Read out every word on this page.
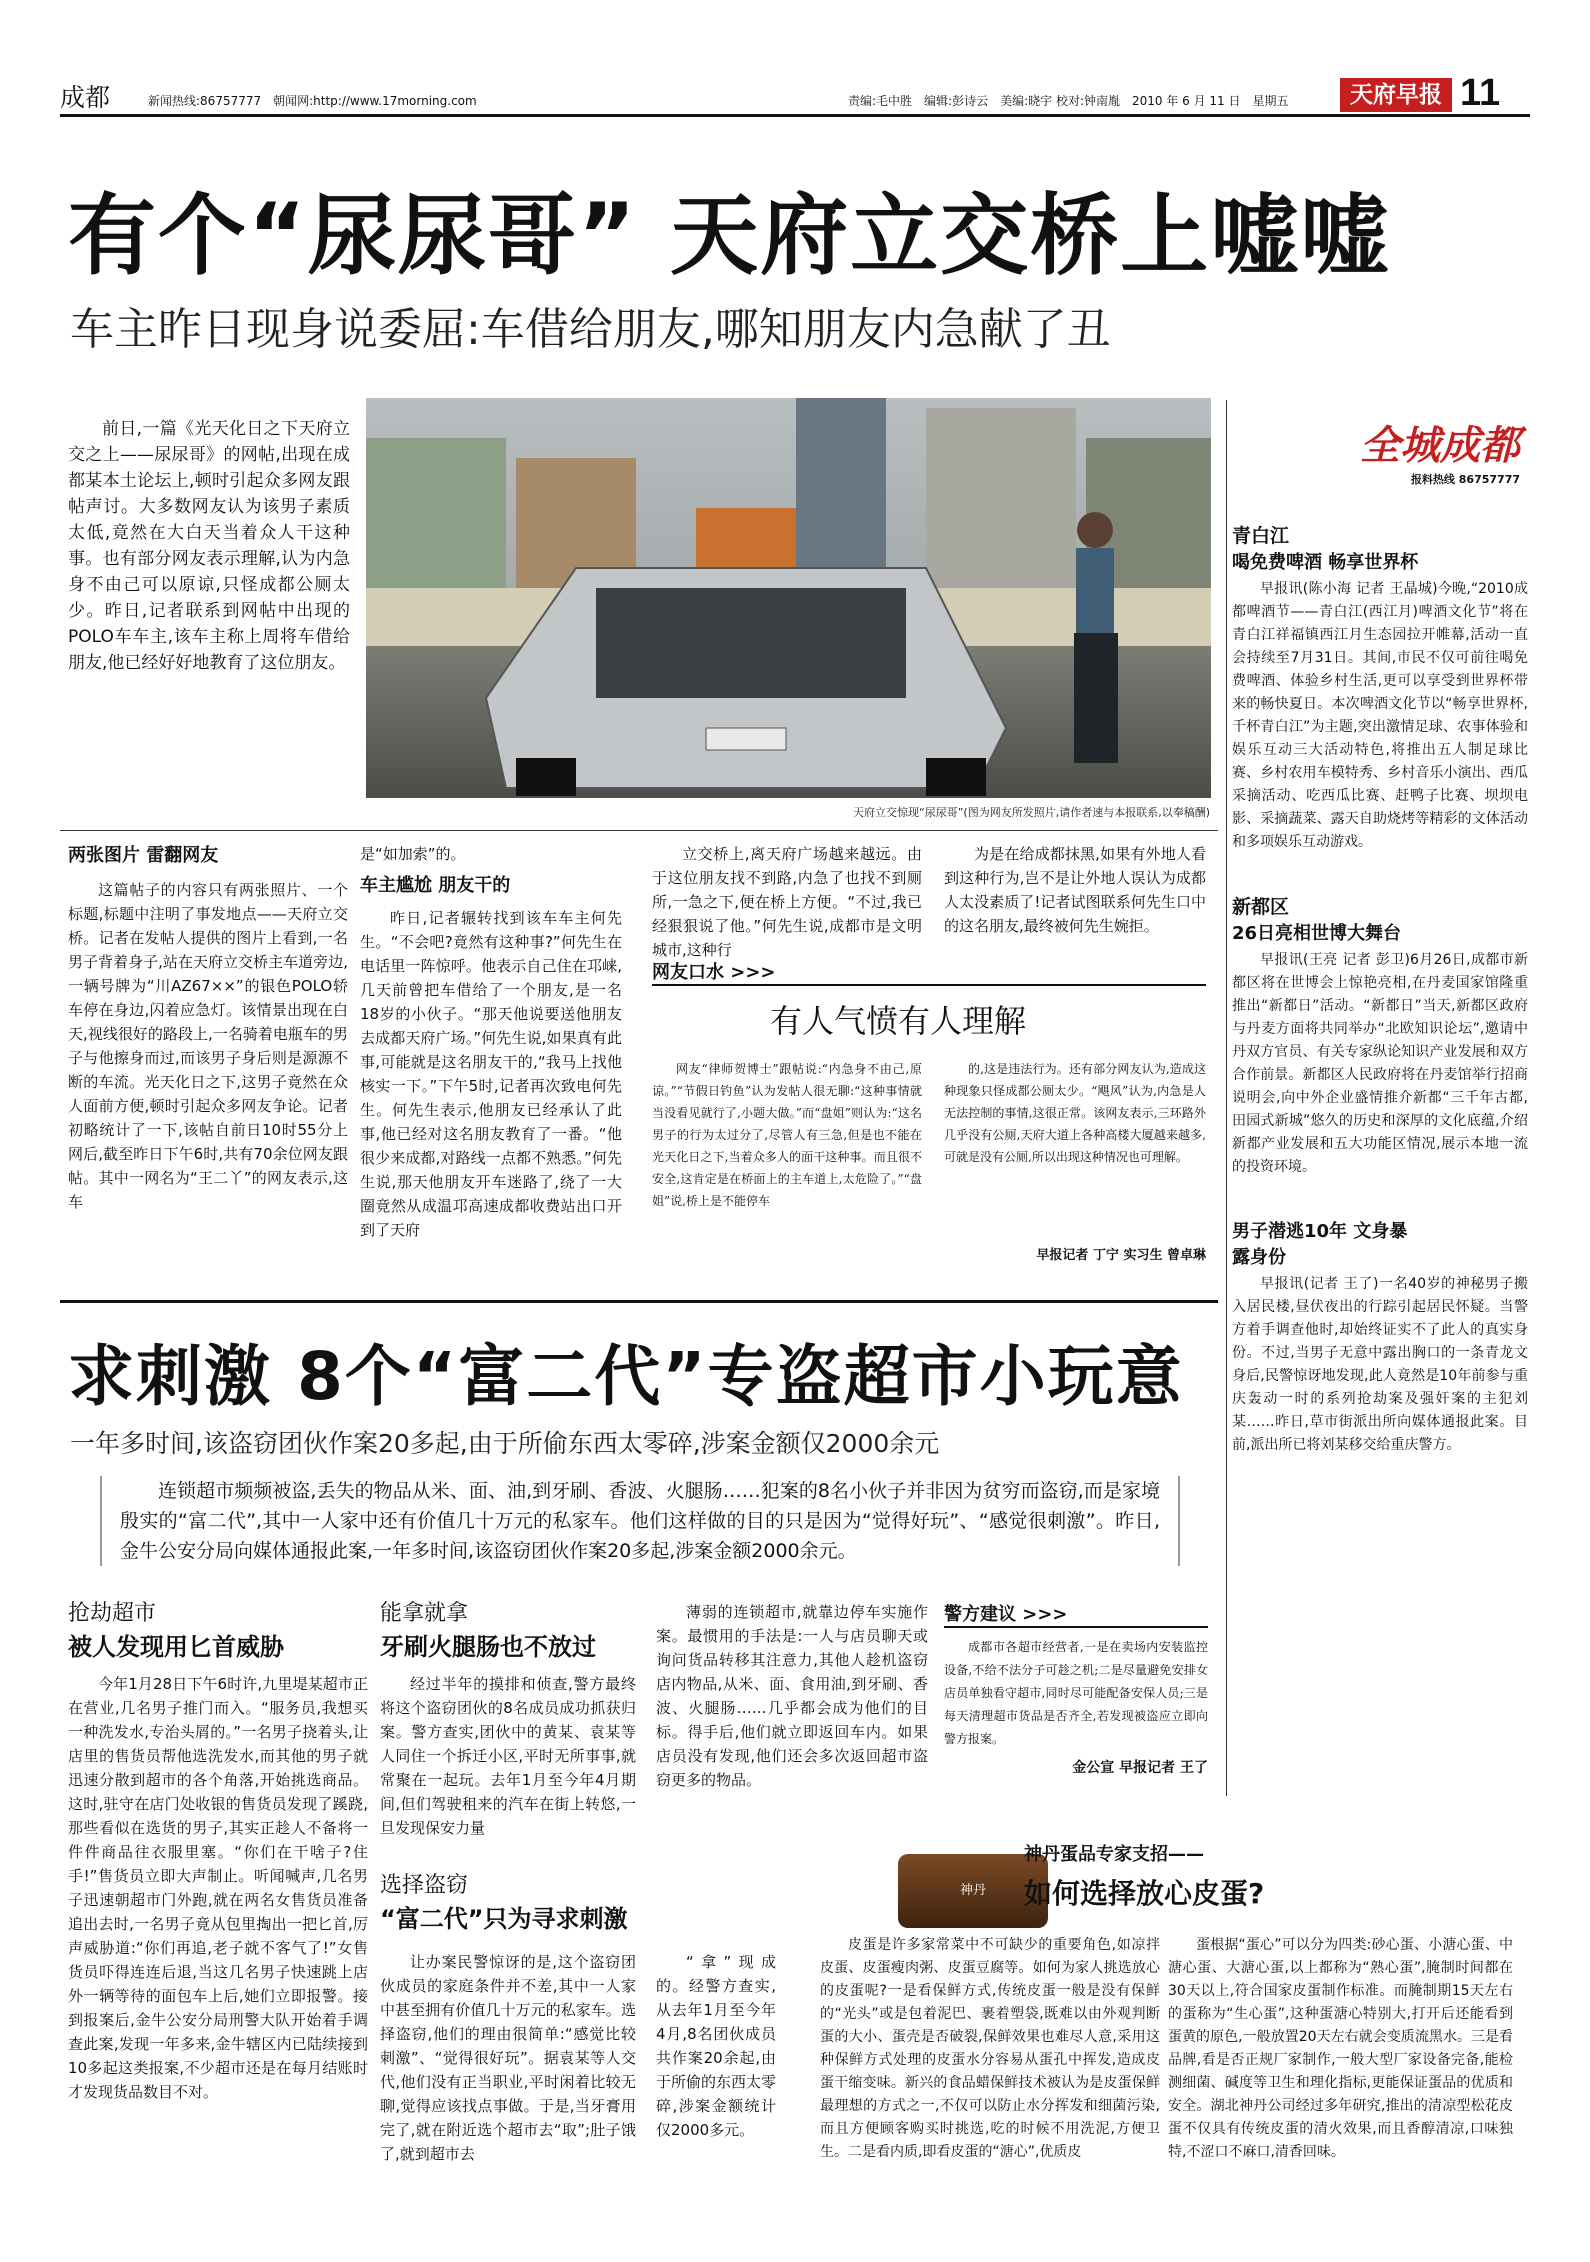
成都	新闻热线:86757777　朝闻网:http://www.17morning.com	责编:毛中胜　编辑:彭诗云　美编:晓宇 校对:钟南胤　2010 年 6 月 11 日　星期五	天府早报 11
有个“尿尿哥” 天府立交桥上嘘嘘
车主昨日现身说委屈:车借给朋友,哪知朋友内急献了丑

前日,一篇《光天化日之下天府立交之上——尿尿哥》的网帖,出现在成都某本土论坛上,顿时引起众多网友跟帖声讨。大多数网友认为该男子素质太低,竟然在大白天当着众人干这种事。也有部分网友表示理解,认为内急身不由己可以原谅,只怪成都公厕太少。昨日,记者联系到网帖中出现的POLO车车主,该车主称上周将车借给朋友,他已经好好地教育了这位朋友。

天府立交惊现“尿尿哥”(图为网友所发照片,请作者速与本报联系,以奉稿酬)
两张图片 雷翻网友

这篇帖子的内容只有两张照片、一个标题,标题中注明了事发地点——天府立交桥。记者在发帖人提供的图片上看到,一名男子背着身子,站在天府立交桥主车道旁边,一辆号牌为“川AZ67××”的银色POLO轿车停在身边,闪着应急灯。该情景出现在白天,视线很好的路段上,一名骑着电瓶车的男子与他擦身而过,而该男子身后则是源源不断的车流。光天化日之下,这男子竟然在众人面前方便,顿时引起众多网友争论。记者初略统计了一下,该帖自前日10时55分上网后,截至昨日下午6时,共有70余位网友跟帖。其中一网名为“王二丫”的网友表示,这车

是“如加索”的。
车主尴尬 朋友干的

昨日,记者辗转找到该车车主何先生。“不会吧?竟然有这种事?”何先生在电话里一阵惊呼。他表示自己住在邛崃,几天前曾把车借给了一个朋友,是一名18岁的小伙子。“那天他说要送他朋友去成都天府广场。”何先生说,如果真有此事,可能就是这名朋友干的,“我马上找他核实一下。”下午5时,记者再次致电何先生。何先生表示,他朋友已经承认了此事,他已经对这名朋友教育了一番。“他很少来成都,对路线一点都不熟悉。”何先生说,那天他朋友开车迷路了,绕了一大圈竟然从成温邛高速成都收费站出口开到了天府

立交桥上,离天府广场越来越远。由于这位朋友找不到路,内急了也找不到厕所,一急之下,便在桥上方便。“不过,我已经狠狠说了他。”何先生说,成都市是文明城市,这种行

为是在给成都抹黑,如果有外地人看到这种行为,岂不是让外地人误认为成都人太没素质了!记者试图联系何先生口中的这名朋友,最终被何先生婉拒。

网友口水 >>>
有人气愤有人理解

网友“律师贺博士”跟帖说:“内急身不由己,原谅。”“节假日钓鱼”认为发帖人很无聊:“这种事情就当没看见就行了,小题大做。”而“盘姐”则认为:“这名男子的行为太过分了,尽管人有三急,但是也不能在光天化日之下,当着众多人的面干这种事。而且很不安全,这肯定是在桥面上的主车道上,太危险了。”“盘姐”说,桥上是不能停车

的,这是违法行为。还有部分网友认为,造成这种现象只怪成都公厕太少。“飓风”认为,内急是人无法控制的事情,这很正常。该网友表示,三环路外几乎没有公厕,天府大道上各种高楼大厦越来越多,可就是没有公厕,所以出现这种情况也可理解。

早报记者 丁宁 实习生 曾卓琳
全城成都
报料热线 86757777
青白江
喝免费啤酒 畅享世界杯

早报讯(陈小海 记者 王晶城)今晚,“2010成都啤酒节——青白江(西江月)啤酒文化节”将在青白江祥福镇西江月生态园拉开帷幕,活动一直会持续至7月31日。其间,市民不仅可前往喝免费啤酒、体验乡村生活,更可以享受到世界杯带来的畅快夏日。本次啤酒文化节以“畅享世界杯,千杯青白江”为主题,突出激情足球、农事体验和娱乐互动三大活动特色,将推出五人制足球比赛、乡村农用车模特秀、乡村音乐小演出、西瓜采摘活动、吃西瓜比赛、赶鸭子比赛、坝坝电影、采摘蔬菜、露天自助烧烤等精彩的文体活动和多项娱乐互动游戏。

新都区
26日亮相世博大舞台

早报讯(王亮 记者 彭卫)6月26日,成都市新都区将在世博会上惊艳亮相,在丹麦国家馆隆重推出“新都日”活动。“新都日”当天,新都区政府与丹麦方面将共同举办“北欧知识论坛”,邀请中丹双方官员、有关专家纵论知识产业发展和双方合作前景。新都区人民政府将在丹麦馆举行招商说明会,向中外企业盛情推介新都“三千年古都,田园式新城”悠久的历史和深厚的文化底蕴,介绍新都产业发展和五大功能区情况,展示本地一流的投资环境。

男子潜逃10年 文身暴露身份

早报讯(记者 王了)一名40岁的神秘男子搬入居民楼,昼伏夜出的行踪引起居民怀疑。当警方着手调查他时,却始终证实不了此人的真实身份。不过,当男子无意中露出胸口的一条青龙文身后,民警惊讶地发现,此人竟然是10年前参与重庆轰动一时的系列抢劫案及强奸案的主犯刘某……昨日,草市街派出所向媒体通报此案。目前,派出所已将刘某移交给重庆警方。

求刺激 8个“富二代”专盗超市小玩意
一年多时间,该盗窃团伙作案20多起,由于所偷东西太零碎,涉案金额仅2000余元

连锁超市频频被盗,丢失的物品从米、面、油,到牙刷、香波、火腿肠……犯案的8名小伙子并非因为贫穷而盗窃,而是家境殷实的“富二代”,其中一人家中还有价值几十万元的私家车。他们这样做的目的只是因为“觉得好玩”、“感觉很刺激”。昨日,金牛公安分局向媒体通报此案,一年多时间,该盗窃团伙作案20多起,涉案金额2000余元。

抢劫超市
被人发现用匕首威胁

今年1月28日下午6时许,九里堤某超市正在营业,几名男子推门而入。“服务员,我想买一种洗发水,专治头屑的。”一名男子挠着头,让店里的售货员帮他选洗发水,而其他的男子就迅速分散到超市的各个角落,开始挑选商品。这时,驻守在店门处收银的售货员发现了蹊跷,那些看似在选货的男子,其实正趁人不备将一件件商品往衣服里塞。“你们在干啥子?住手!”售货员立即大声制止。听闻喊声,几名男子迅速朝超市门外跑,就在两名女售货员准备追出去时,一名男子竟从包里掏出一把匕首,厉声威胁道:“你们再追,老子就不客气了!”女售货员吓得连连后退,当这几名男子快速跳上店外一辆等待的面包车上后,她们立即报警。接到报案后,金牛公安分局刑警大队开始着手调查此案,发现一年多来,金牛辖区内已陆续接到10多起这类报案,不少超市还是在每月结账时才发现货品数目不对。

能拿就拿
牙刷火腿肠也不放过

经过半年的摸排和侦查,警方最终将这个盗窃团伙的8名成员成功抓获归案。警方查实,团伙中的黄某、袁某等人同住一个拆迁小区,平时无所事事,就常聚在一起玩。去年1月至今年4月期间,但们驾驶租来的汽车在街上转悠,一旦发现保安力量

薄弱的连锁超市,就靠边停车实施作案。最惯用的手法是:一人与店员聊天或询问货品转移其注意力,其他人趁机盗窃店内物品,从米、面、食用油,到牙刷、香波、火腿肠……几乎都会成为他们的目标。得手后,他们就立即返回车内。如果店员没有发现,他们还会多次返回超市盗窃更多的物品。

警方建议 >>>

成都市各超市经营者,一是在卖场内安装监控设备,不给不法分子可趁之机;二是尽量避免安排女店员单独看守超市,同时尽可能配备安保人员;三是每天清理超市货品是否齐全,若发现被盗应立即向警方报案。

金公宣 早报记者 王了
选择盗窃
“富二代”只为寻求刺激

让办案民警惊讶的是,这个盗窃团伙成员的家庭条件并不差,其中一人家中甚至拥有价值几十万元的私家车。选择盗窃,他们的理由很简单:“感觉比较刺激”、“觉得很好玩”。据袁某等人交代,他们没有正当职业,平时闲着比较无聊,觉得应该找点事做。于是,当牙膏用完了,就在附近选个超市去“取”;肚子饿了,就到超市去

“拿”现成的。经警方查实,从去年1月至今年4月,8名团伙成员共作案20余起,由于所偷的东西太零碎,涉案金额统计仅2000多元。

神丹
神丹蛋品专家支招——
如何选择放心皮蛋?

皮蛋是许多家常菜中不可缺少的重要角色,如凉拌皮蛋、皮蛋瘦肉粥、皮蛋豆腐等。如何为家人挑选放心的皮蛋呢?一是看保鲜方式,传统皮蛋一般是没有保鲜的“光头”或是包着泥巴、裹着塑袋,既难以由外观判断蛋的大小、蛋壳是否破裂,保鲜效果也难尽人意,采用这种保鲜方式处理的皮蛋水分容易从蛋孔中挥发,造成皮蛋干缩变味。新兴的食品蜡保鲜技术被认为是皮蛋保鲜最理想的方式之一,不仅可以防止水分挥发和细菌污染,而且方便顾客购买时挑选,吃的时候不用洗泥,方便卫生。二是看内质,即看皮蛋的“溏心”,优质皮

蛋根据“蛋心”可以分为四类:砂心蛋、小溏心蛋、中溏心蛋、大溏心蛋,以上都称为“熟心蛋”,腌制时间都在30天以上,符合国家皮蛋制作标准。而腌制期15天左右的蛋称为“生心蛋”,这种蛋溏心特别大,打开后还能看到蛋黄的原色,一般放置20天左右就会变质流黑水。三是看品牌,看是否正规厂家制作,一般大型厂家设备完备,能检测细菌、碱度等卫生和理化指标,更能保证蛋品的优质和安全。湖北神丹公司经过多年研究,推出的清凉型松花皮蛋不仅具有传统皮蛋的清火效果,而且香醇清凉,口味独特,不涩口不麻口,清香回味。
